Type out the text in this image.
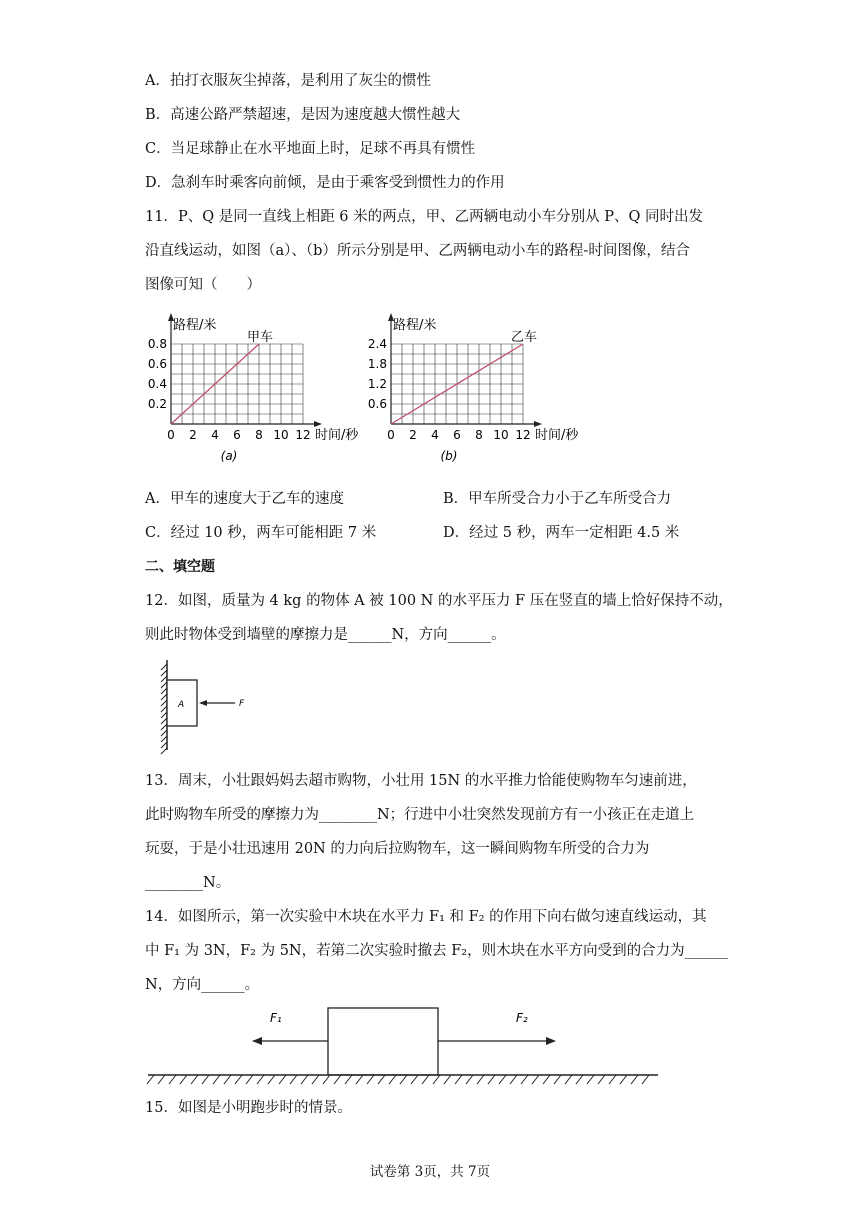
A．拍打衣服灰尘掉落，是利用了灰尘的惯性
B．高速公路严禁超速，是因为速度越大惯性越大
C．当足球静止在水平地面上时，足球不再具有惯性
D．急刹车时乘客向前倾，是由于乘客受到惯性力的作用
11．P、Q 是同一直线上相距 6 米的两点，甲、乙两辆电动小车分别从 P、Q 同时出发
沿直线运动，如图（a）、（b）所示分别是甲、乙两辆电动小车的路程-时间图像，结合
图像可知（　　）
路程/米
时间/秒
0 2 4 6 8 10 12
0.2
0.4
0.6
0.8	甲车
(a)
路程/米
时间/秒
0 2 4 6 8 10 12
0.6
1.2
1.8
2.4	乙车
(b)
A．甲车的速度大于乙车的速度	B．甲车所受合力小于乙车所受合力
C．经过 10 秒，两车可能相距 7 米	D．经过 5 秒，两车一定相距 4.5 米
二、填空题
12．如图，质量为 4 kg 的物体 A 被 100 N 的水平压力 F 压在竖直的墙上恰好保持不动，
则此时物体受到墙壁的摩擦力是______N，方向______。
A	F
13．周末，小壮跟妈妈去超市购物，小壮用 15N 的水平推力恰能使购物车匀速前进，
此时购物车所受的摩擦力为________N；行进中小壮突然发现前方有一小孩正在走道上
玩耍，于是小壮迅速用 20N 的力向后拉购物车，这一瞬间购物车所受的合力为
________N。
14．如图所示，第一次实验中木块在水平力 F₁ 和 F₂ 的作用下向右做匀速直线运动，其
中 F₁ 为 3N，F₂ 为 5N，若第二次实验时撤去 F₂，则木块在水平方向受到的合力为______
N，方向______。
F₁	F₂
15．如图是小明跑步时的情景。
试卷第 3页，共 7页
